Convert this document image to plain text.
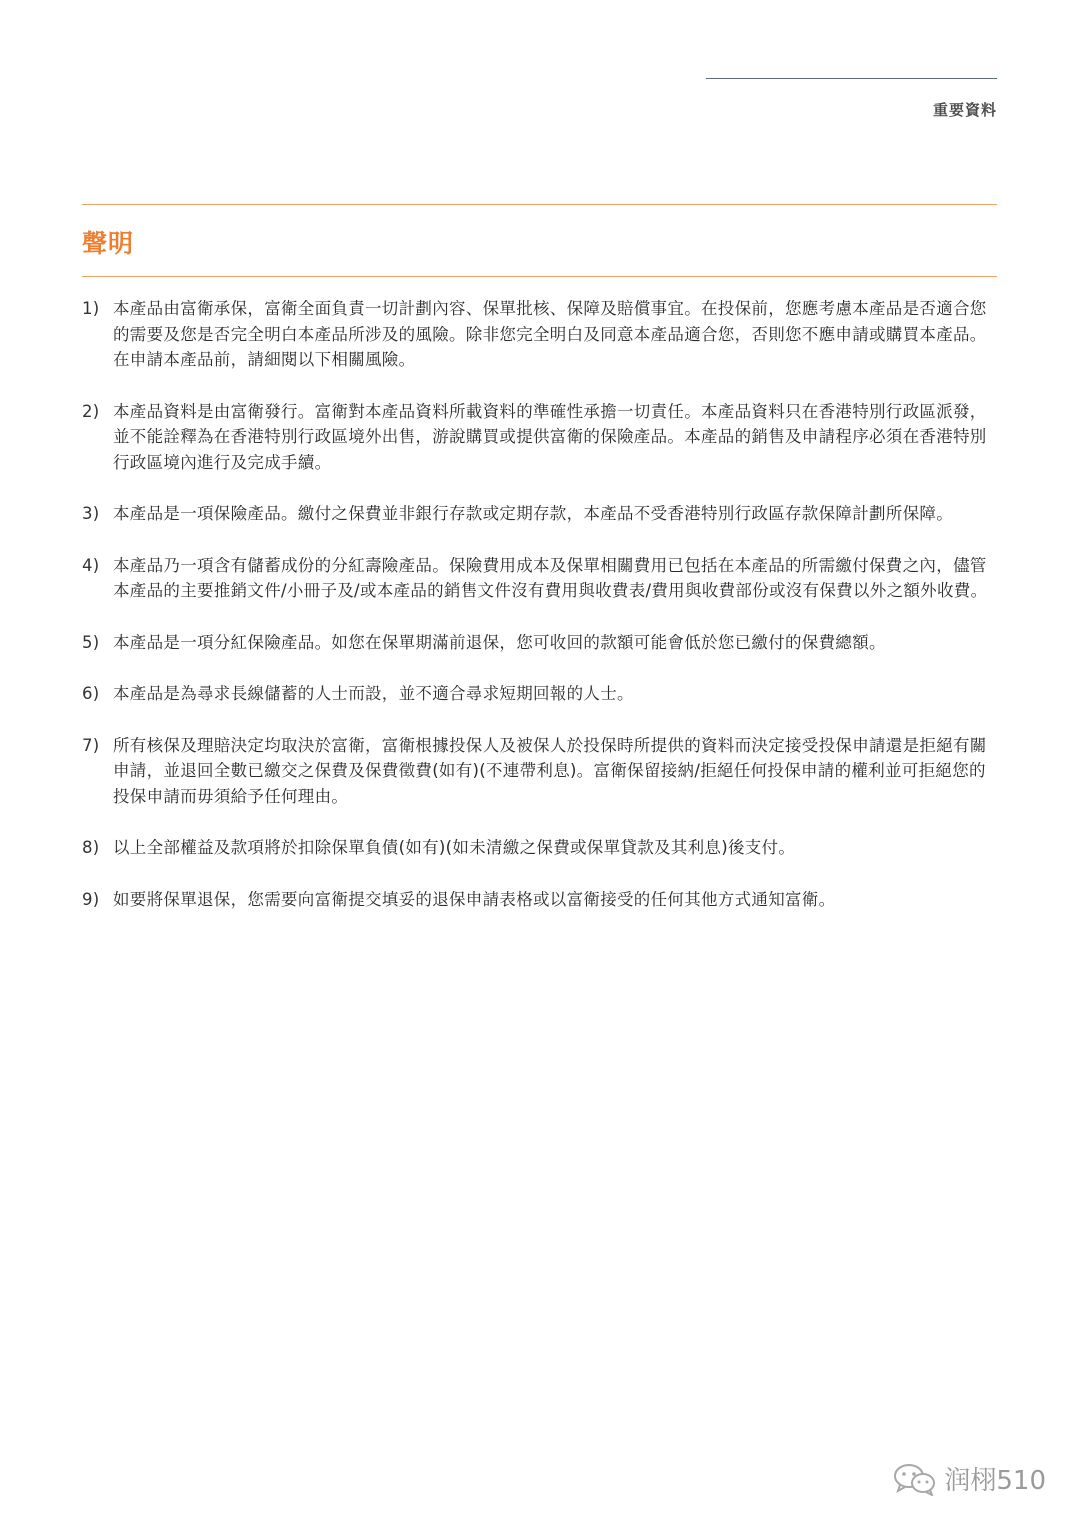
重要資料
聲明
1) 本產品由富衛承保，富衛全面負責一切計劃內容、保單批核、保障及賠償事宜。在投保前，您應考慮本產品是否適合您的需要及您是否完全明白本產品所涉及的風險。除非您完全明白及同意本產品適合您，否則您不應申請或購買本產品。在申請本產品前，請細閱以下相關風險。
2) 本產品資料是由富衛發行。富衛對本產品資料所載資料的準確性承擔一切責任。本產品資料只在香港特別行政區派發，並不能詮釋為在香港特別行政區境外出售，游說購買或提供富衛的保險產品。本產品的銷售及申請程序必須在香港特別行政區境內進行及完成手續。
3) 本產品是一項保險產品。繳付之保費並非銀行存款或定期存款，本產品不受香港特別行政區存款保障計劃所保障。
4) 本產品乃一項含有儲蓄成份的分紅壽險產品。保險費用成本及保單相關費用已包括在本產品的所需繳付保費之內，儘管本產品的主要推銷文件/小冊子及/或本產品的銷售文件沒有費用與收費表/費用與收費部份或沒有保費以外之額外收費。
5) 本產品是一項分紅保險產品。如您在保單期滿前退保，您可收回的款額可能會低於您已繳付的保費總額。
6) 本產品是為尋求長線儲蓄的人士而設，並不適合尋求短期回報的人士。
7) 所有核保及理賠決定均取決於富衛，富衛根據投保人及被保人於投保時所提供的資料而決定接受投保申請還是拒絕有關申請，並退回全數已繳交之保費及保費徵費(如有)(不連帶利息)。富衛保留接納/拒絕任何投保申請的權利並可拒絕您的投保申請而毋須給予任何理由。
8) 以上全部權益及款項將於扣除保單負債(如有)(如未清繳之保費或保單貸款及其利息)後支付。
9) 如要將保單退保，您需要向富衛提交填妥的退保申請表格或以富衛接受的任何其他方式通知富衛。
润栩510
